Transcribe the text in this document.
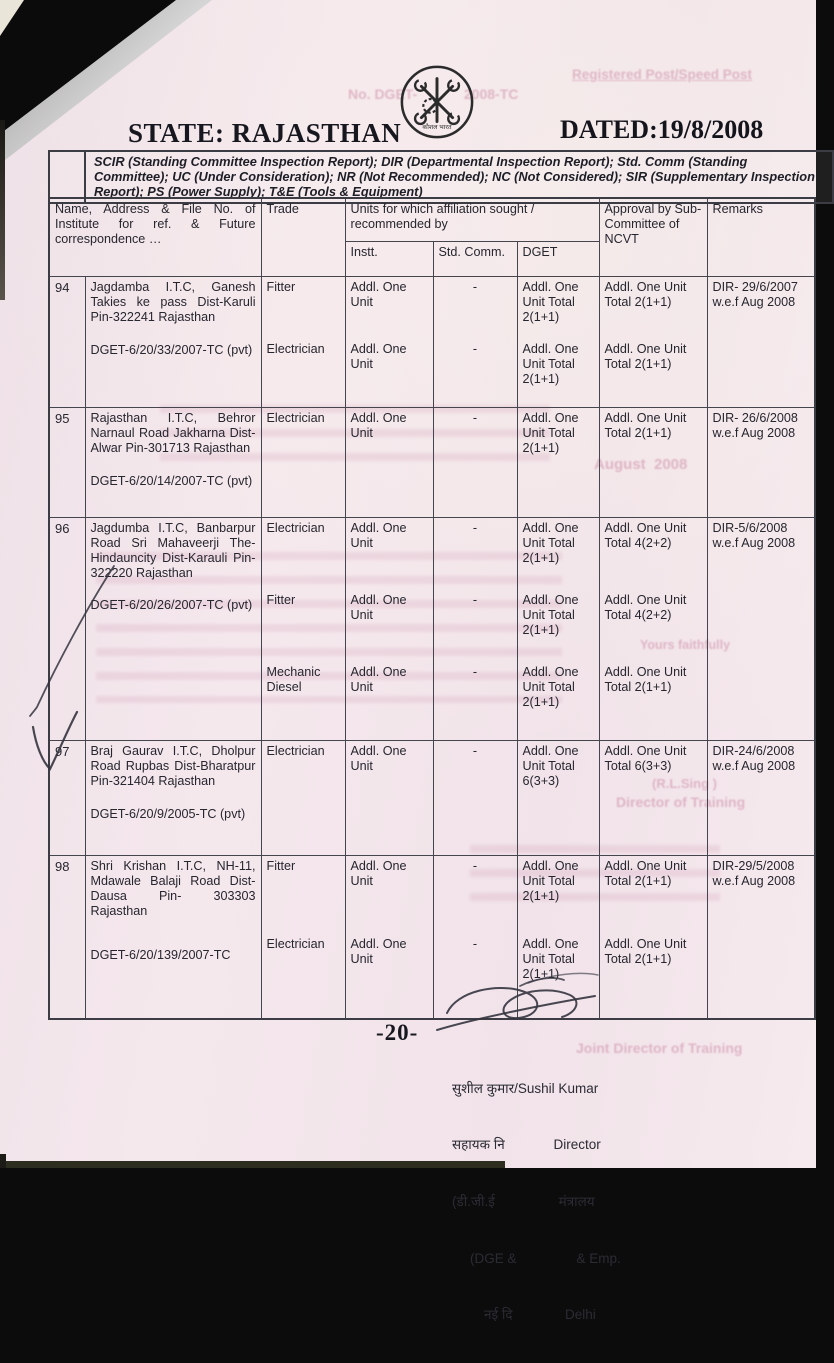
Registered Post/Speed Post
No. DGET-            2008-TC
August  2008
Yours faithfully
(R.L.Sing )
Director of Training
Joint Director of Training
STATE: RAJASTHAN	DATED:19/8/2008
कौशल भारत
SCIR (Standing Committee Inspection Report); DIR (Departmental Inspection Report); Std. Comm (Standing Committee); UC (Under Consideration); NR (Not Recommended); NC (Not Considered); SIR (Supplementary Inspection Report); PS (Power Supply); T&E (Tools & Equipment)
Name, Address & File No. of Institute for ref. & Future correspondence …		Trade	Units for which affiliation sought / recommended by			Approval by Sub-Committee of NCVT	Remarks
			Instt.	Std. Comm.	DGET		
94	Jagdamba I.T.C, Ganesh Takies ke pass Dist-Karuli Pin-322241 Rajasthan
DGET-6/20/33/2007-TC (pvt)

Fitter
Electrician

Addl. One Unit
Addl. One Unit

-
-

Addl. One Unit Total 2(1+1)
Addl. One Unit Total 2(1+1)

Addl. One Unit Total 2(1+1)
Addl. One Unit Total 2(1+1)
	DIR- 29/6/2007 w.e.f Aug 2008
95	Rajasthan I.T.C, Behror Narnaul Road Jakharna Dist-Alwar Pin-301713 Rajasthan
DGET-6/20/14/2007-TC (pvt)	Electrician	Addl. One Unit	-	Addl. One Unit Total 2(1+1)	Addl. One Unit Total 2(1+1)	DIR- 26/6/2008 w.e.f Aug 2008
96	Jagdumba I.T.C, Banbarpur Road Sri Mahaveerji The-Hindauncity Dist-Karauli Pin-322220 Rajasthan
DGET-6/20/26/2007-TC (pvt)

Electrician
Fitter
Mechanic Diesel

Addl. One Unit
Addl. One Unit
Addl. One Unit

-
-
-

Addl. One Unit Total 2(1+1)
Addl. One Unit Total 2(1+1)
Addl. One Unit Total 2(1+1)

Addl. One Unit Total 4(2+2)
Addl. One Unit Total 4(2+2)
Addl. One Unit Total 2(1+1)
	DIR-5/6/2008 w.e.f Aug 2008
97	Braj Gaurav I.T.C, Dholpur Road Rupbas Dist-Bharatpur Pin-321404 Rajasthan
DGET-6/20/9/2005-TC (pvt)	Electrician	Addl. One Unit	-	Addl. One Unit Total 6(3+3)	Addl. One Unit Total 6(3+3)	DIR-24/6/2008 w.e.f Aug 2008
98	Shri Krishan I.T.C, NH-11, Mdawale Balaji Road Dist-Dausa Pin- 303303 Rajasthan
DGET-6/20/139/2007-TC

Fitter
Electrician

Addl. One Unit
Addl. One Unit

-
-

Addl. One Unit Total 2(1+1)
Addl. One Unit Total 2(1+1)

Addl. One Unit Total 2(1+1)
Addl. One Unit Total 2(1+1)
	DIR-29/5/2008 w.e.f Aug 2008
-20-

सुशील कुमार/Sushil Kumar

सहायक नि             Director

(डी.जी.ई                 मंत्रालय

(DGE &                & Emp.

नई दि              Delhi
